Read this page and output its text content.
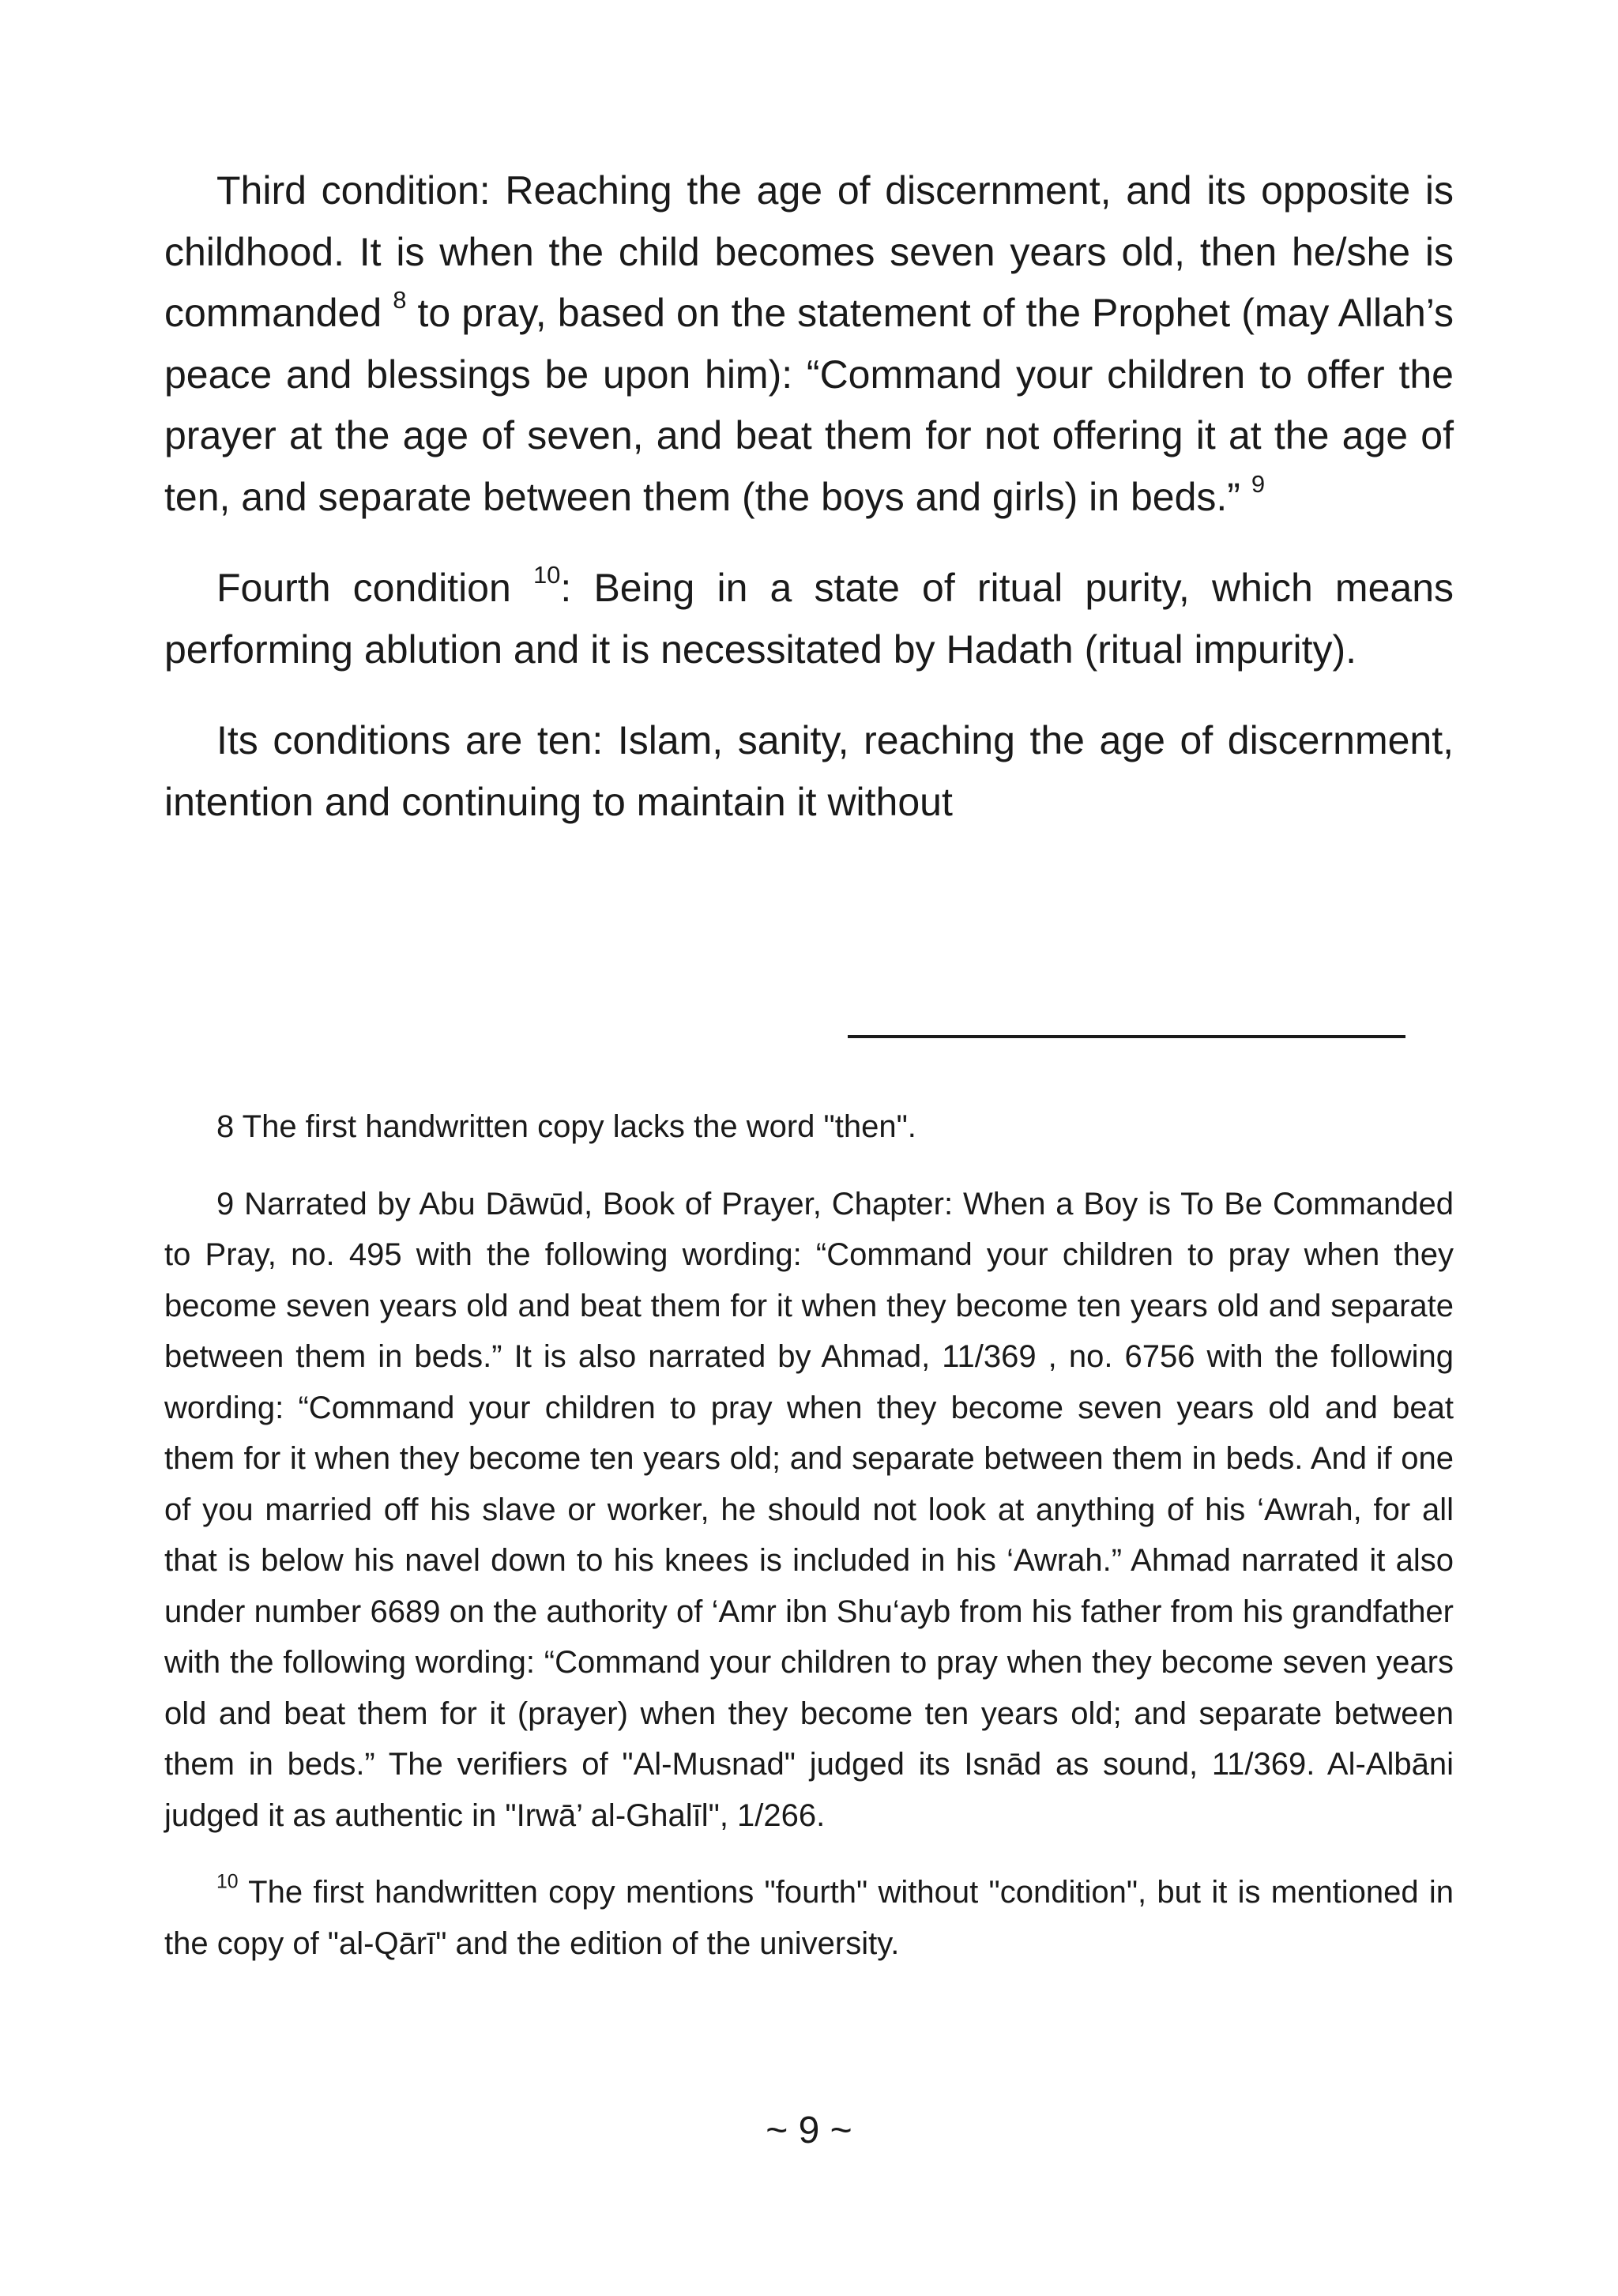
Third condition: Reaching the age of discernment, and its opposite is childhood. It is when the child becomes seven years old, then he/she is commanded $^8$ to pray, based on the statement of the Prophet (may Allah’s peace and blessings be upon him): “Command your children to offer the prayer at the age of seven, and beat them for not offering it at the age of ten, and separate between them (the boys and girls) in beds.” $^9$

Fourth condition $^{10}$: Being in a state of ritual purity, which means performing ablution and it is necessitated by Hadath (ritual impurity).

Its conditions are ten: Islam, sanity, reaching the age of discernment, intention and continuing to maintain it without

8 The first handwritten copy lacks the word "then".

9 Narrated by Abu Dāwūd, Book of Prayer, Chapter: When a Boy is To Be Commanded to Pray, no. 495 with the following wording: “Command your children to pray when they become seven years old and beat them for it when they become ten years old and separate between them in beds.” It is also narrated by Ahmad, 11/369 , no. 6756 with the following wording: “Command your children to pray when they become seven years old and beat them for it when they become ten years old; and separate between them in beds. And if one of you married off his slave or worker, he should not look at anything of his ‘Awrah, for all that is below his navel down to his knees is included in his ‘Awrah.” Ahmad narrated it also under number 6689 on the authority of ‘Amr ibn Shu‘ayb from his father from his grandfather with the following wording: “Command your children to pray when they become seven years old and beat them for it (prayer) when they become ten years old; and separate between them in beds.” The verifiers of "Al-Musnad" judged its Isnād as sound, 11/369. Al-Albāni judged it as authentic in "Irwā’ al-Ghalīl", 1/266.

$^{10}$ The first handwritten copy mentions "fourth" without "condition", but it is mentioned in the copy of "al-Qārī" and the edition of the university.

~ 9 ~
